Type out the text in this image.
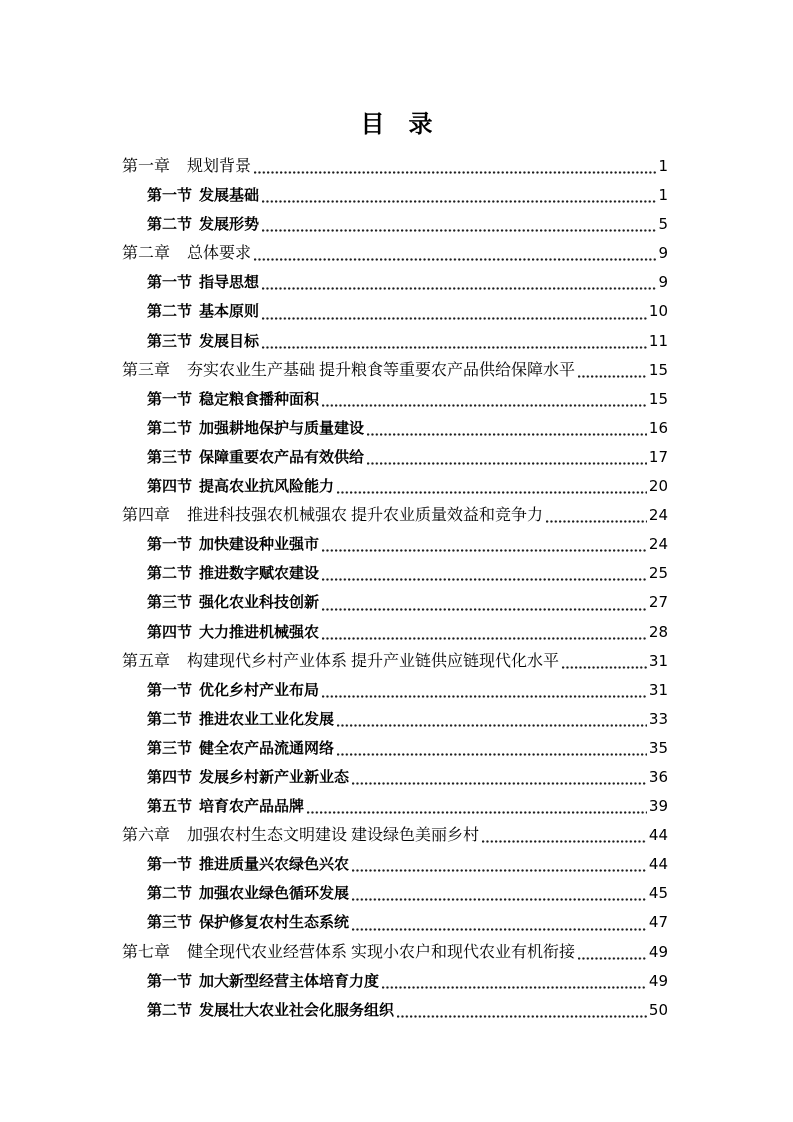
目　录
第一章 规划背景	1
第一节 发展基础	1
第二节 发展形势	5
第二章 总体要求	9
第一节 指导思想	9
第二节 基本原则	10
第三节 发展目标	11
第三章 夯实农业生产基础 提升粮食等重要农产品供给保障水平	15
第一节 稳定粮食播种面积	15
第二节 加强耕地保护与质量建设	16
第三节 保障重要农产品有效供给	17
第四节 提高农业抗风险能力	20
第四章 推进科技强农机械强农 提升农业质量效益和竞争力	24
第一节 加快建设种业强市	24
第二节 推进数字赋农建设	25
第三节 强化农业科技创新	27
第四节 大力推进机械强农	28
第五章 构建现代乡村产业体系 提升产业链供应链现代化水平	31
第一节 优化乡村产业布局	31
第二节 推进农业工业化发展	33
第三节 健全农产品流通网络	35
第四节 发展乡村新产业新业态	36
第五节 培育农产品品牌	39
第六章 加强农村生态文明建设 建设绿色美丽乡村	44
第一节 推进质量兴农绿色兴农	44
第二节 加强农业绿色循环发展	45
第三节 保护修复农村生态系统	47
第七章 健全现代农业经营体系 实现小农户和现代农业有机衔接	49
第一节 加大新型经营主体培育力度	49
第二节 发展壮大农业社会化服务组织	50
